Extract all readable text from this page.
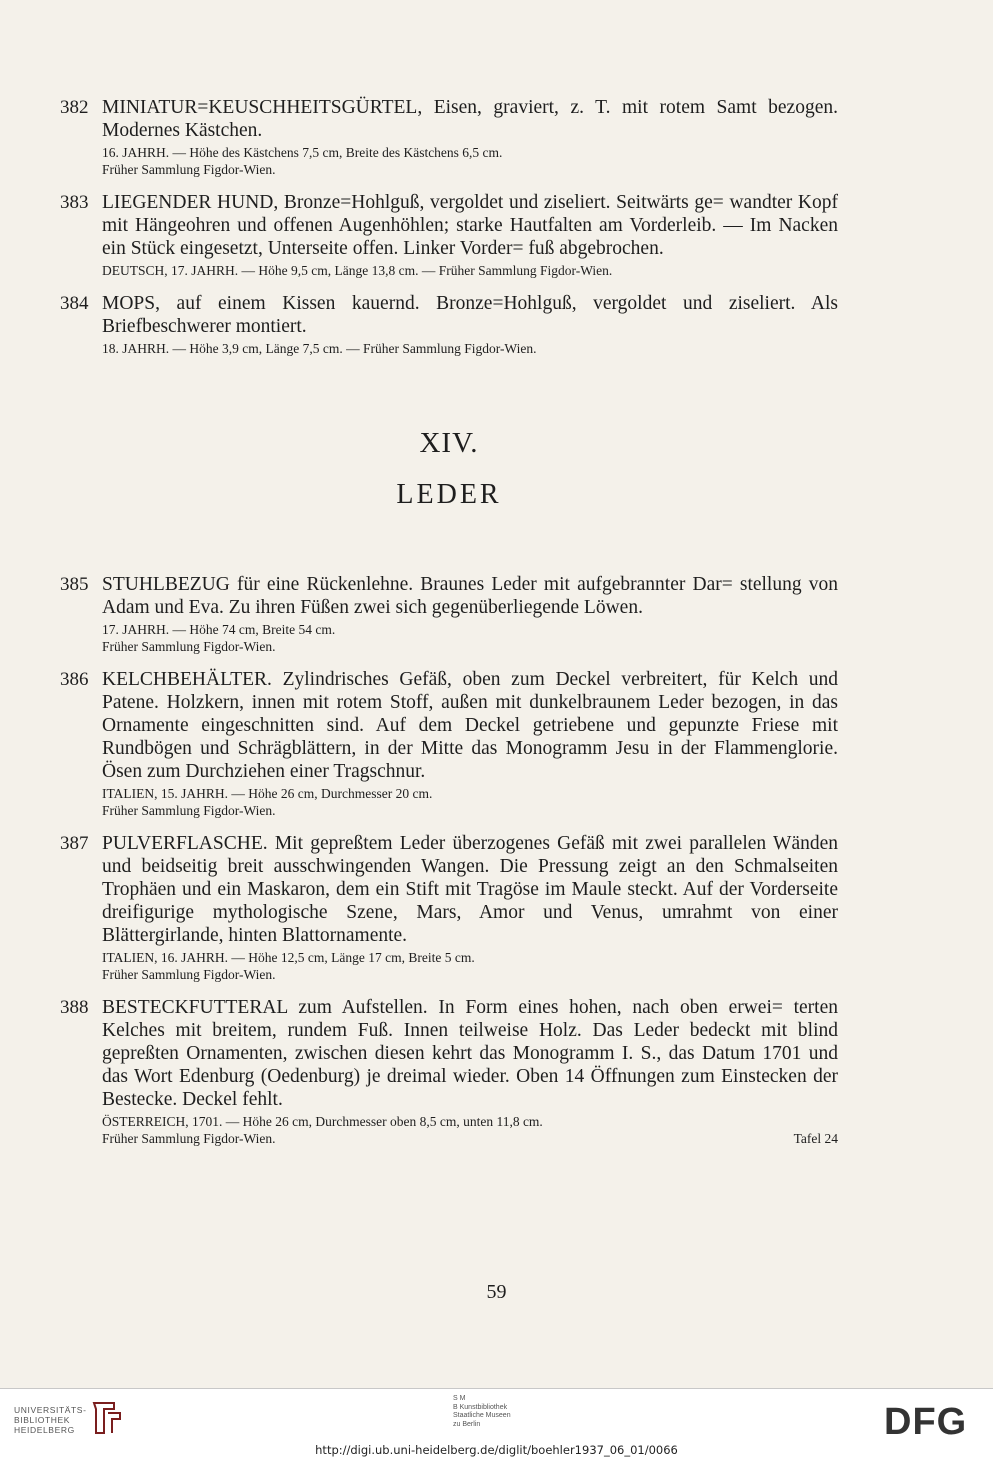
382 MINIATUR=KEUSCHHEITSGÜRTEL, Eisen, graviert, z. T. mit rotem Samt bezogen. Modernes Kästchen.
16. JAHRH. — Höhe des Kästchens 7,5 cm, Breite des Kästchens 6,5 cm.
Früher Sammlung Figdor-Wien.
383 LIEGENDER HUND, Bronze=Hohlguß, vergoldet und ziseliert. Seitwärts ge= wandter Kopf mit Hängeohren und offenen Augenhöhlen; starke Hautfalten am Vorderleib. — Im Nacken ein Stück eingesetzt, Unterseite offen. Linker Vorder= fuß abgebrochen.
DEUTSCH, 17. JAHRH. — Höhe 9,5 cm, Länge 13,8 cm. — Früher Sammlung Figdor-Wien.
384 MOPS, auf einem Kissen kauernd. Bronze=Hohlguß, vergoldet und ziseliert. Als Briefbeschwerer montiert.
18. JAHRH. — Höhe 3,9 cm, Länge 7,5 cm. — Früher Sammlung Figdor-Wien.
XIV.
LEDER
385 STUHLBEZUG für eine Rückenlehne. Braunes Leder mit aufgebrannter Dar= stellung von Adam und Eva. Zu ihren Füßen zwei sich gegenüberliegende Löwen.
17. JAHRH. — Höhe 74 cm, Breite 54 cm.
Früher Sammlung Figdor-Wien.
386 KELCHBEHÄLTER. Zylindrisches Gefäß, oben zum Deckel verbreitert, für Kelch und Patene. Holzkern, innen mit rotem Stoff, außen mit dunkelbraunem Leder bezogen, in das Ornamente eingeschnitten sind. Auf dem Deckel getriebene und gepunzte Friese mit Rundbögen und Schrägblättern, in der Mitte das Monogramm Jesu in der Flammenglorie. Ösen zum Durchziehen einer Tragschnur.
ITALIEN, 15. JAHRH. — Höhe 26 cm, Durchmesser 20 cm.
Früher Sammlung Figdor-Wien.
387 PULVERFLASCHE. Mit gepreßtem Leder überzogenes Gefäß mit zwei parallelen Wänden und beidseitig breit ausschwingenden Wangen. Die Pressung zeigt an den Schmalseiten Trophäen und ein Maskaron, dem ein Stift mit Tragöse im Maule steckt. Auf der Vorderseite dreifigurige mythologische Szene, Mars, Amor und Venus, umrahmt von einer Blättergirlande, hinten Blattornamente.
ITALIEN, 16. JAHRH. — Höhe 12,5 cm, Länge 17 cm, Breite 5 cm.
Früher Sammlung Figdor-Wien.
388 BESTECKFUTTERAL zum Aufstellen. In Form eines hohen, nach oben erwei= terten Kelches mit breitem, rundem Fuß. Innen teilweise Holz. Das Leder bedeckt mit blind gepreßten Ornamenten, zwischen diesen kehrt das Monogramm I. S., das Datum 1701 und das Wort Edenburg (Oedenburg) je dreimal wieder. Oben 14 Öffnungen zum Einstecken der Bestecke. Deckel fehlt.
ÖSTERREICH, 1701. — Höhe 26 cm, Durchmesser oben 8,5 cm, unten 11,8 cm.
Früher Sammlung Figdor-Wien.	Tafel 24
59
UNIVERSITÄTS-
BIBLIOTHEK
HEIDELBERG
S M
B Kunstbibliothek
Staatliche Museen
zu Berlin	DFG
http://digi.ub.uni-heidelberg.de/diglit/boehler1937_06_01/0066
